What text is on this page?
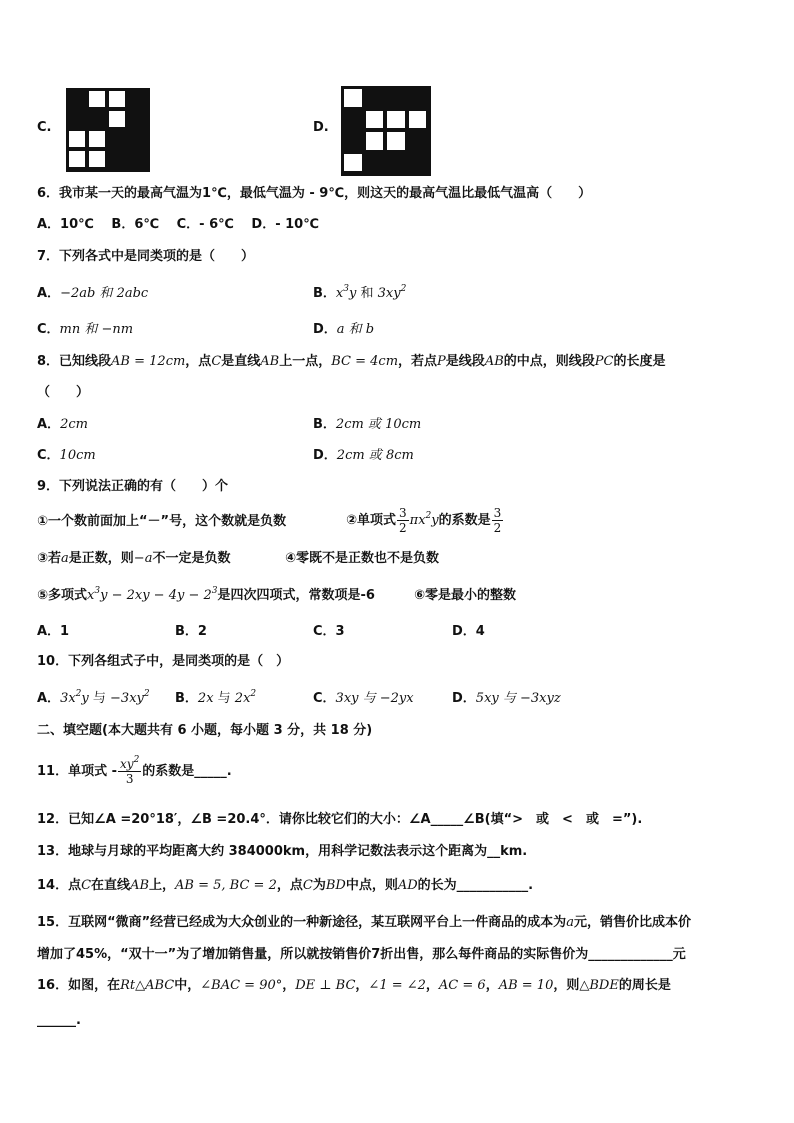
C.	D.
6．我市某一天的最高气温为1℃，最低气温为 - 9℃，则这天的最高气温比最低气温高（　　）
A．10℃　 B．6℃　 C．- 6℃　 D．- 10℃
7．下列各式中是同类项的是（　　）
A．−2ab 和 2abc	B．$x^3y$ 和 $3xy^2$
C．mn 和 −nm	D．a 和 b
8．已知线段AB = 12cm，点C是直线AB上一点，BC = 4cm，若点P是线段AB的中点，则线段PC的长度是
（　　）
A．2cm	B．2cm 或 10cm
C．10cm	D．2cm 或 8cm
9．下列说法正确的有（　　）个
①一个数前面加上“－”号，这个数就是负数	②单项式 $\frac{3}{2} \pi x^2y$的系数是 $\frac{3}{2}$
③若a是正数，则−a不一定是负数	④零既不是正数也不是负数
⑤多项式$x^3y - 2xy - 4y - 2^3$是四次四项式，常数项是-6	⑥零是最小的整数
A．1	B．2	C．3	D．4
10．下列各组式子中，是同类项的是（　）
A．$3x^2y$ 与 $-3xy^2$ B．2x 与 $2x^2$	C．3xy 与 −2yx	D．5xy 与 −3xyz
二、填空题(本大题共有 6 小题，每小题 3 分，共 18 分)
11．单项式 - $\frac{xy^2}{3}$ 的系数是_____.
12．已知∠A =20°18′，∠B =20.4°．请你比较它们的大小：∠A_____∠B(填“>　或　<　或　=”).
13．地球与月球的平均距离大约 384000km，用科学记数法表示这个距离为__km.
14．点C在直线AB上，AB = 5, BC = 2，点C为BD中点，则AD的长为___________.
15．互联网“微商”经营已经成为大众创业的一种新途径，某互联网平台上一件商品的成本为a元，销售价比成本价
增加了45%，“双十一”为了增加销售量，所以就按销售价7折出售，那么每件商品的实际售价为_____________元
16．如图，在Rt△ABC中，∠BAC = 90°，DE ⊥ BC，∠1 = ∠2，AC = 6，AB = 10，则△BDE的周长是
______.
